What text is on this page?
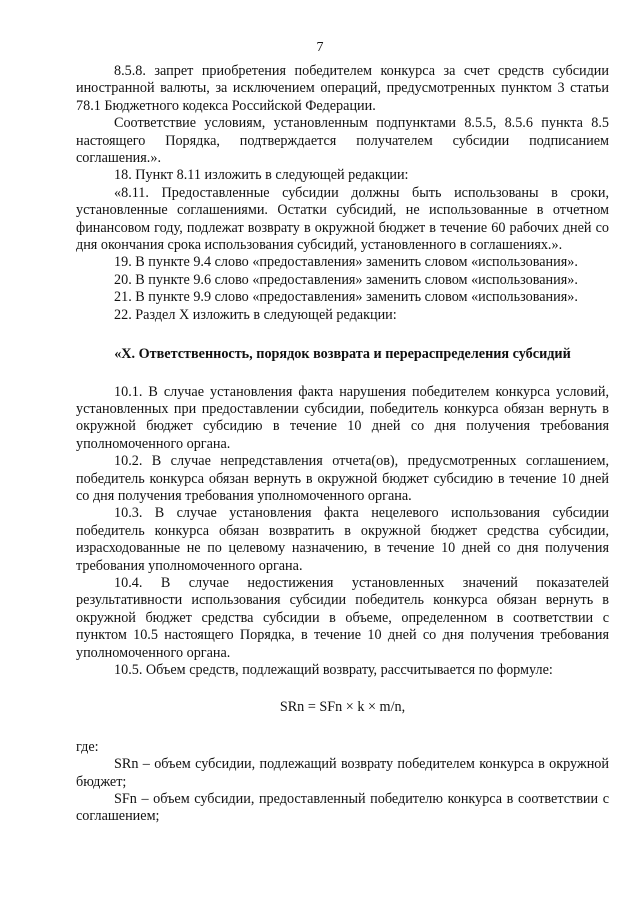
7

8.5.8. запрет приобретения победителем конкурса за счет средств субсидии иностранной валюты, за исключением операций, предусмотренных пунктом 3 статьи 78.1 Бюджетного кодекса Российской Федерации.

Соответствие условиям, установленным подпунктами 8.5.5, 8.5.6 пункта 8.5 настоящего Порядка, подтверждается получателем субсидии подписанием соглашения.».

18. Пункт 8.11 изложить в следующей редакции:

«8.11. Предоставленные субсидии должны быть использованы в сроки, установленные соглашениями. Остатки субсидий, не использованные в отчетном финансовом году, подлежат возврату в окружной бюджет в течение 60 рабочих дней со дня окончания срока использования субсидий, установленного в соглашениях.».

19. В пункте 9.4 слово «предоставления» заменить словом «использования».

20. В пункте 9.6 слово «предоставления» заменить словом «использования».

21. В пункте 9.9 слово «предоставления» заменить словом «использования».

22. Раздел X изложить в следующей редакции:

«X. Ответственность, порядок возврата и перераспределения субсидий

10.1. В случае установления факта нарушения победителем конкурса условий, установленных при предоставлении субсидии, победитель конкурса обязан вернуть в окружной бюджет субсидию в течение 10 дней со дня получения требования уполномоченного органа.

10.2. В случае непредставления отчета(ов), предусмотренных соглашением, победитель конкурса обязан вернуть в окружной бюджет субсидию в течение 10 дней со дня получения требования уполномоченного органа.

10.3. В случае установления факта нецелевого использования субсидии победитель конкурса обязан возвратить в окружной бюджет средства субсидии, израсходованные не по целевому назначению, в течение 10 дней со дня получения требования уполномоченного органа.

10.4. В случае недостижения установленных значений показателей результативности использования субсидии победитель конкурса обязан вернуть в окружной бюджет средства субсидии в объеме, определенном в соответствии с пунктом 10.5 настоящего Порядка, в течение 10 дней со дня получения требования уполномоченного органа.

10.5. Объем средств, подлежащий возврату, рассчитывается по формуле:

SRn = SFn × k × m/n,

где:

SRn – объем субсидии, подлежащий возврату победителем конкурса в окружной бюджет;

SFn – объем субсидии, предоставленный победителю конкурса в соответствии с соглашением;
